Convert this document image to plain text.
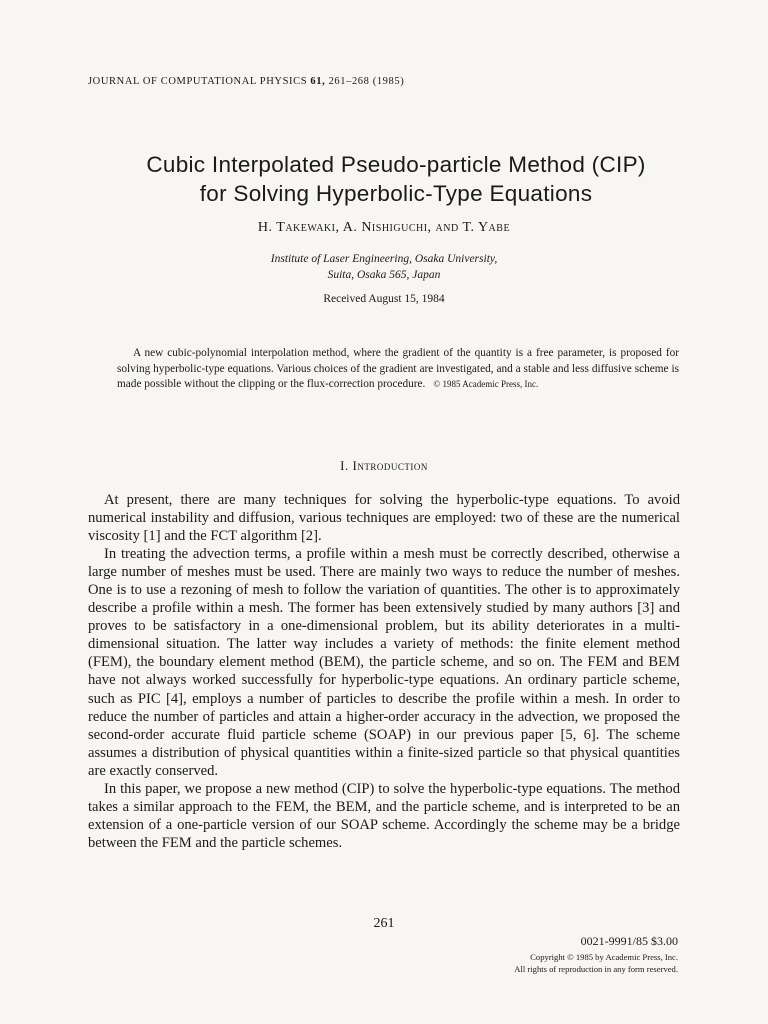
JOURNAL OF COMPUTATIONAL PHYSICS 61, 261–268 (1985)
Cubic Interpolated Pseudo-particle Method (CIP)
for Solving Hyperbolic-Type Equations
H. Takewaki, A. Nishiguchi, and T. Yabe
Institute of Laser Engineering, Osaka University,
Suita, Osaka 565, Japan
Received August 15, 1984

A new cubic-polynomial interpolation method, where the gradient of the quantity is a free parameter, is proposed for solving hyperbolic-type equations. Various choices of the gradient are investigated, and a stable and less diffusive scheme is made possible without the clipping or the flux-correction procedure. © 1985 Academic Press, Inc.

I. Introduction

At present, there are many techniques for solving the hyperbolic-type equations. To avoid numerical instability and diffusion, various techniques are employed: two of these are the numerical viscosity [1] and the FCT algorithm [2].

In treating the advection terms, a profile within a mesh must be correctly described, otherwise a large number of meshes must be used. There are mainly two ways to reduce the number of meshes. One is to use a rezoning of mesh to follow the variation of quantities. The other is to approximately describe a profile within a mesh. The former has been extensively studied by many authors [3] and proves to be satisfactory in a one-dimensional problem, but its ability deteriorates in a multi-dimensional situation. The latter way includes a variety of methods: the finite element method (FEM), the boundary element method (BEM), the particle scheme, and so on. The FEM and BEM have not always worked successfully for hyperbolic-type equations. An ordinary particle scheme, such as PIC [4], employs a number of particles to describe the profile within a mesh. In order to reduce the number of particles and attain a higher-order accuracy in the advection, we proposed the second-order accurate fluid particle scheme (SOAP) in our previous paper [5, 6]. The scheme assumes a distribution of physical quantities within a finite-sized particle so that physical quantities are exactly conserved.

In this paper, we propose a new method (CIP) to solve the hyperbolic-type equations. The method takes a similar approach to the FEM, the BEM, and the particle scheme, and is interpreted to be an extension of a one-particle version of our SOAP scheme. Accordingly the scheme may be a bridge between the FEM and the particle schemes.

261
0021-9991/85 $3.00
Copyright © 1985 by Academic Press, Inc.
All rights of reproduction in any form reserved.
